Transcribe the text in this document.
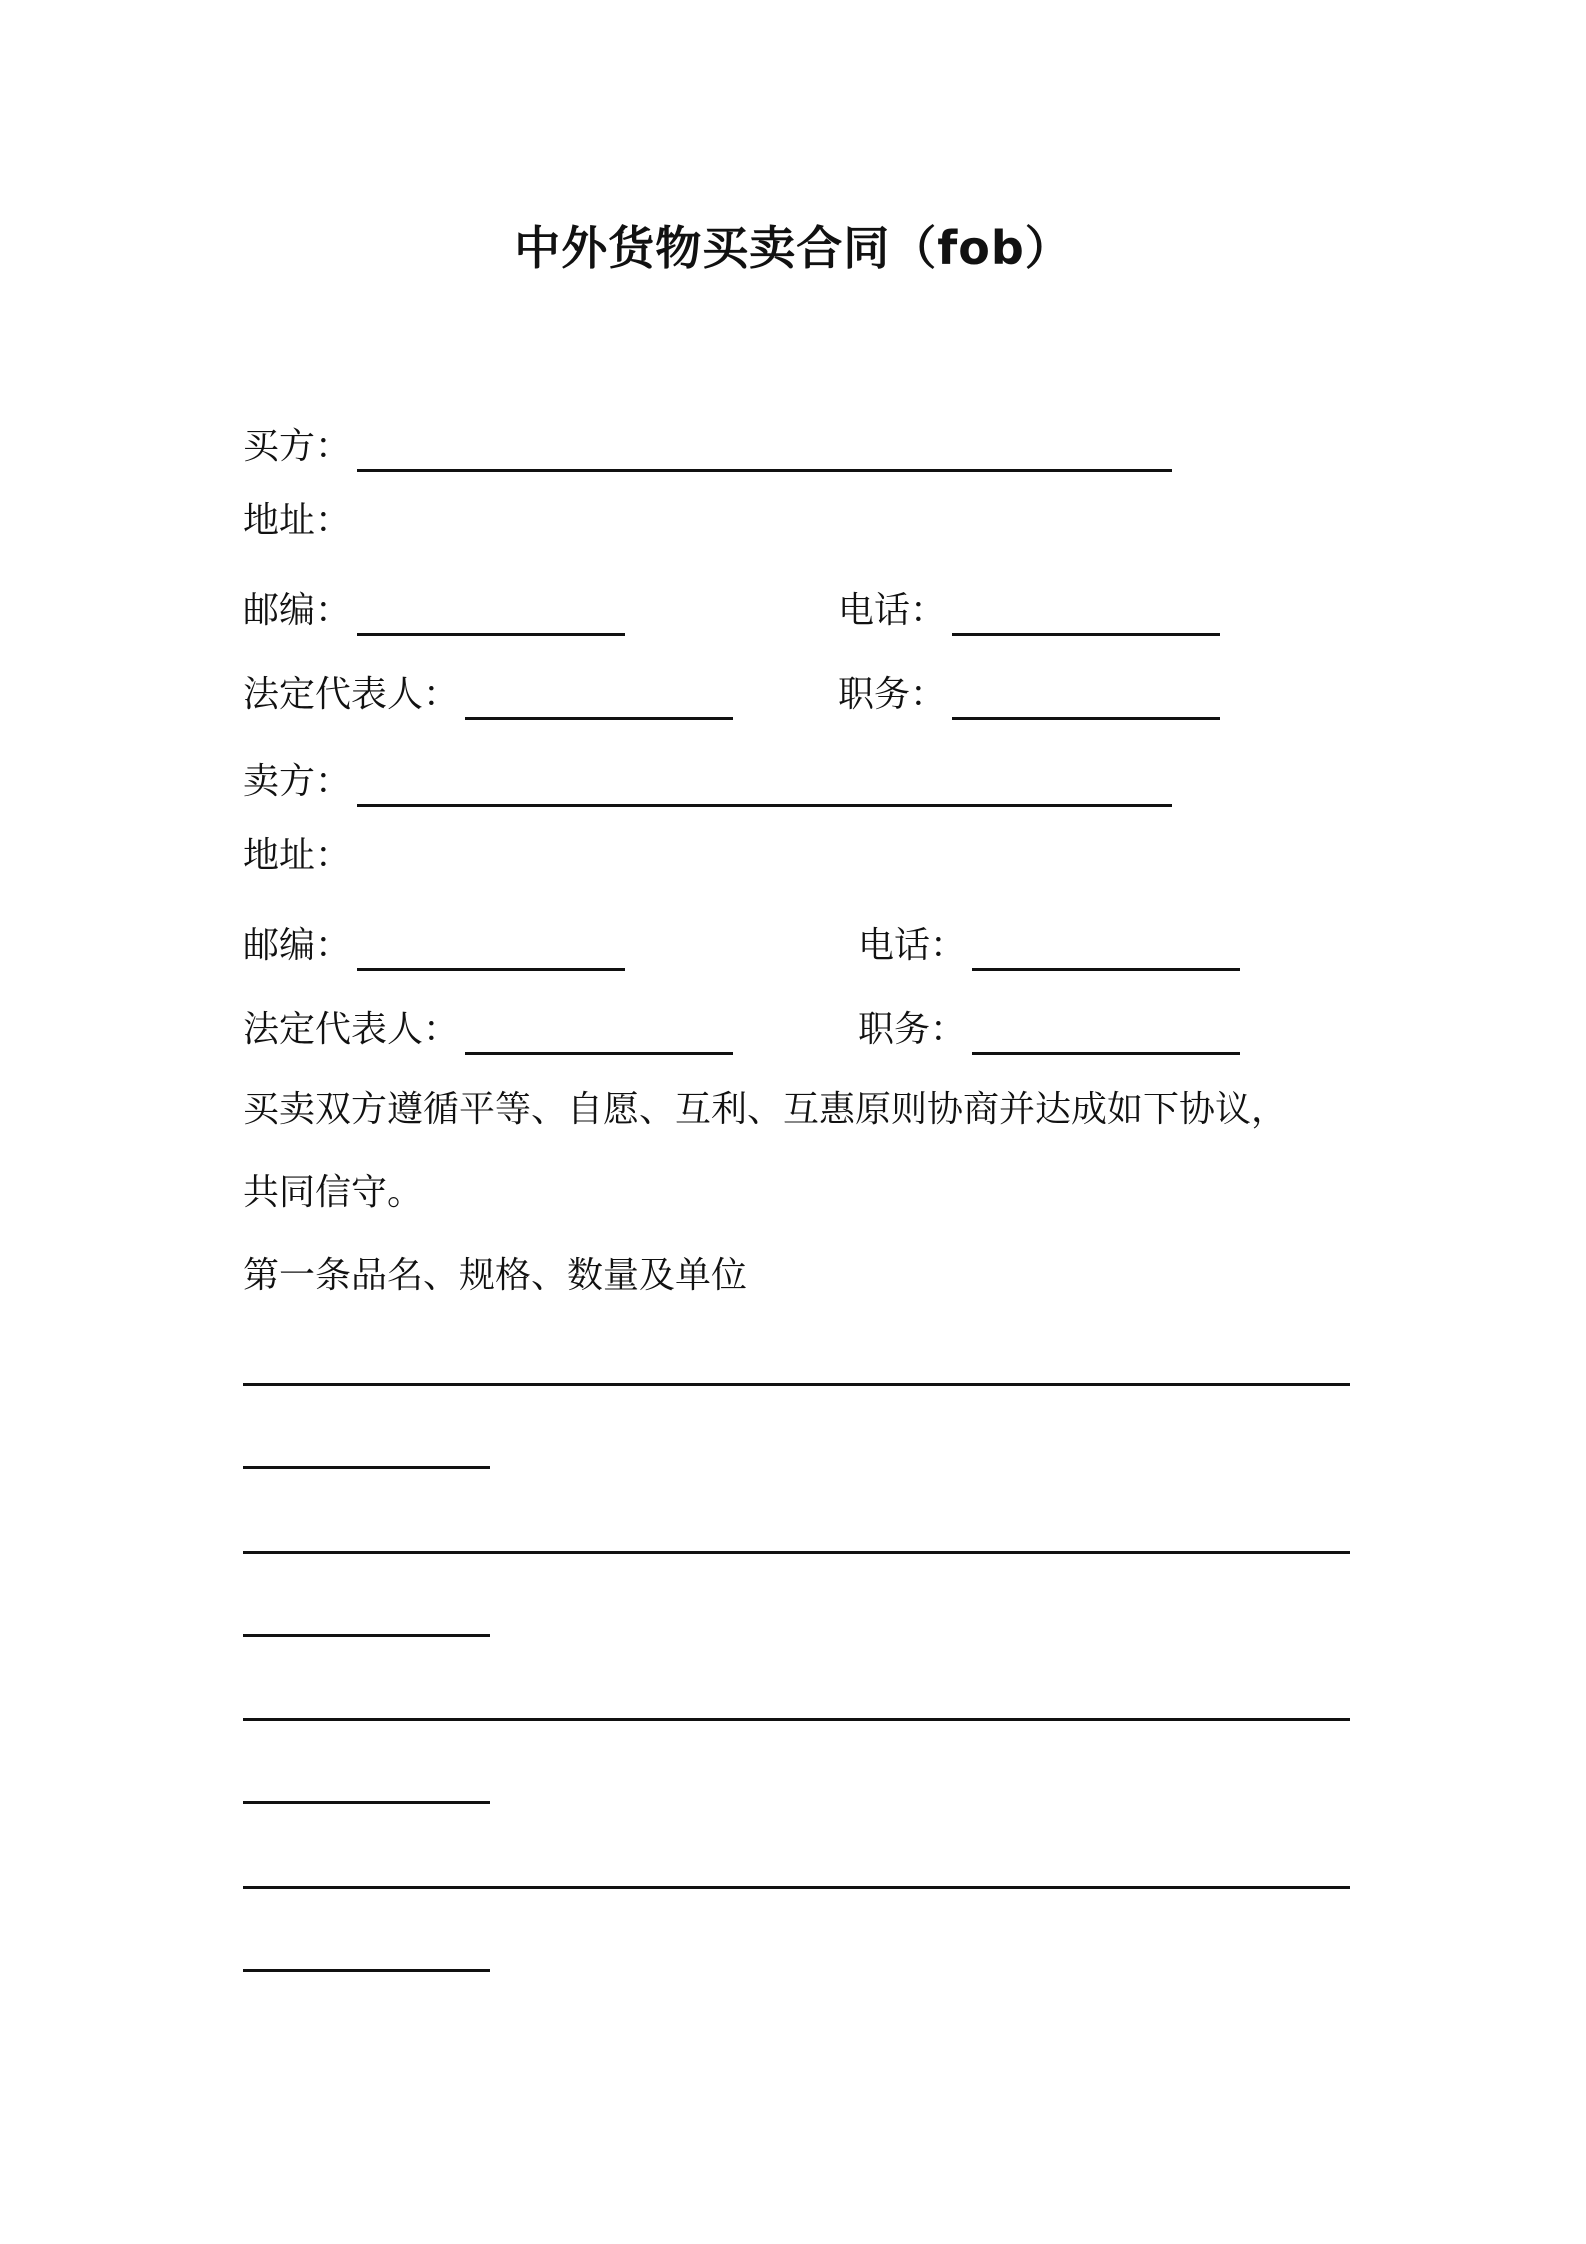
中外货物买卖合同（fob）
买方：
地址：
邮编：	电话：
法定代表人：	职务：
卖方：
地址：
邮编：	电话：
法定代表人：	职务：
买卖双方遵循平等、自愿、互利、互惠原则协商并达成如下协议，
共同信守。
第一条品名、规格、数量及单位
